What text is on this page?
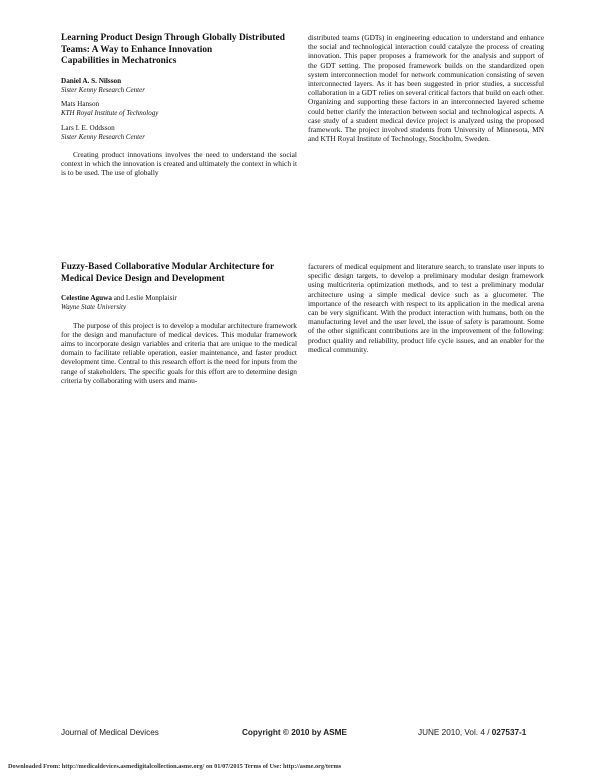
Learning Product Design Through Globally Distributed
Teams: A Way to Enhance Innovation
Capabilities in Mechatronics

Daniel A. S. Nilsson

Sister Kenny Research Center

Mats Hanson

KTH Royal Institute of Technology

Lars I. E. Oddsson

Sister Kenny Research Center

Creating product innovations involves the need to understand the social context in which the innovation is created and ultimately the context in which it is to be used. The use of globally

distributed teams (GDTs) in engineering education to understand and enhance the social and technological interaction could catalyze the process of creating innovation. This paper proposes a framework for the analysis and support of the GDT setting. The proposed framework builds on the standardized open system interconnection model for network communication consisting of seven interconnected layers. As it has been suggested in prior studies, a successful collaboration in a GDT relies on several critical factors that build on each other. Organizing and supporting these factors in an interconnected layered scheme could better clarify the interaction between social and technological aspects. A case study of a student medical device project is analyzed using the proposed framework. The project involved students from University of Minnesota, MN and KTH Royal Institute of Technology, Stockholm, Sweden.

Fuzzy-Based Collaborative Modular Architecture for
Medical Device Design and Development

Celestine Aguwa and Leslie Monplaisir

Wayne State University

The purpose of this project is to develop a modular architecture framework for the design and manufacture of medical devices. This modular framework aims to incorporate design variables and criteria that are unique to the medical domain to facilitate reliable operation, easier maintenance, and faster product development time. Central to this research effort is the need for inputs from the range of stakeholders. The specific goals for this effort are to determine design criteria by collaborating with users and manu-

facturers of medical equipment and literature search, to translate user inputs to specific design targets, to develop a preliminary modular design framework using multicriteria optimization methods, and to test a preliminary modular architecture using a simple medical device such as a glucometer. The importance of the research with respect to its application in the medical arena can be very significant. With the product interaction with humans, both on the manufacturing level and the user level, the issue of safety is paramount. Some of the other significant contributions are in the improvement of the following: product quality and reliability, product life cycle issues, and an enabler for the medical community.

Journal of Medical Devices	Copyright © 2010 by ASME	JUNE 2010, Vol. 4 / 027537-1
Downloaded From: http://medicaldevices.asmedigitalcollection.asme.org/ on 01/07/2015 Terms of Use: http://asme.org/terms
